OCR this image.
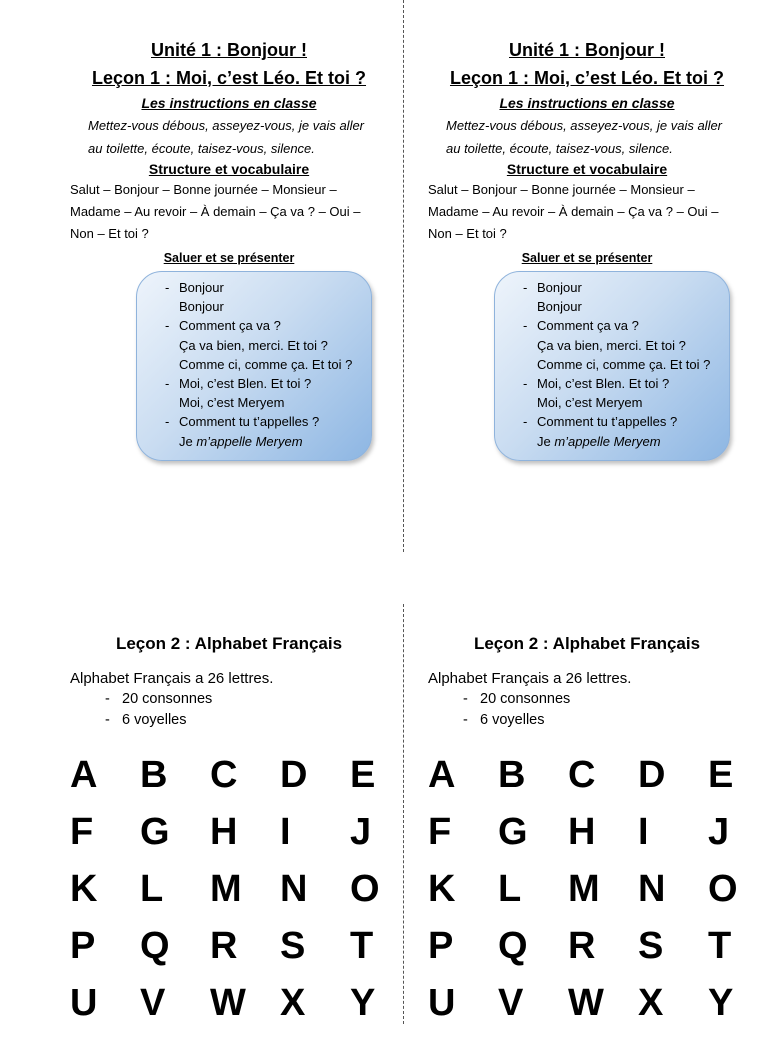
Unité 1 : Bonjour !

Leçon 1 : Moi, c’est Léo. Et toi ?

Les instructions en classe

Mettez-vous débous, asseyez-vous, je vais aller
au toilette, écoute, taisez-vous, silence.

Structure et vocabulaire

Salut – Bonjour – Bonne journée – Monsieur –
Madame – Au revoir – À demain – Ça va ? – Oui –
Non – Et toi ?

Saluer et se présenter

- Bonjour
Bonjour
- Comment ça va ?
Ça va bien, merci. Et toi ?
Comme ci, comme ça. Et toi ?
- Moi, c’est Blen. Et toi ?
Moi, c’est Meryem
- Comment tu t’appelles ?
Je m’appelle Meryem

Unité 1 : Bonjour !

Leçon 1 : Moi, c’est Léo. Et toi ?

Les instructions en classe

Mettez-vous débous, asseyez-vous, je vais aller
au toilette, écoute, taisez-vous, silence.

Structure et vocabulaire

Salut – Bonjour – Bonne journée – Monsieur –
Madame – Au revoir – À demain – Ça va ? – Oui –
Non – Et toi ?

Saluer et se présenter

- Bonjour
Bonjour
- Comment ça va ?
Ça va bien, merci. Et toi ?
Comme ci, comme ça. Et toi ?
- Moi, c’est Blen. Et toi ?
Moi, c’est Meryem
- Comment tu t’appelles ?
Je m’appelle Meryem

Leçon 2 : Alphabet Français

Alphabet Français a 26 lettres.

- 20 consonnes

- 6 voyelles

A	B	C	D	E
F	G	H	I	J
K	L	M	N	O
P	Q	R	S	T
U	V	W X	Y

Leçon 2 : Alphabet Français

Alphabet Français a 26 lettres.

- 20 consonnes

- 6 voyelles

A	B	C	D	E
F	G	H	I	J
K	L	M	N	O
P	Q	R	S	T
U	V	W X	Y
